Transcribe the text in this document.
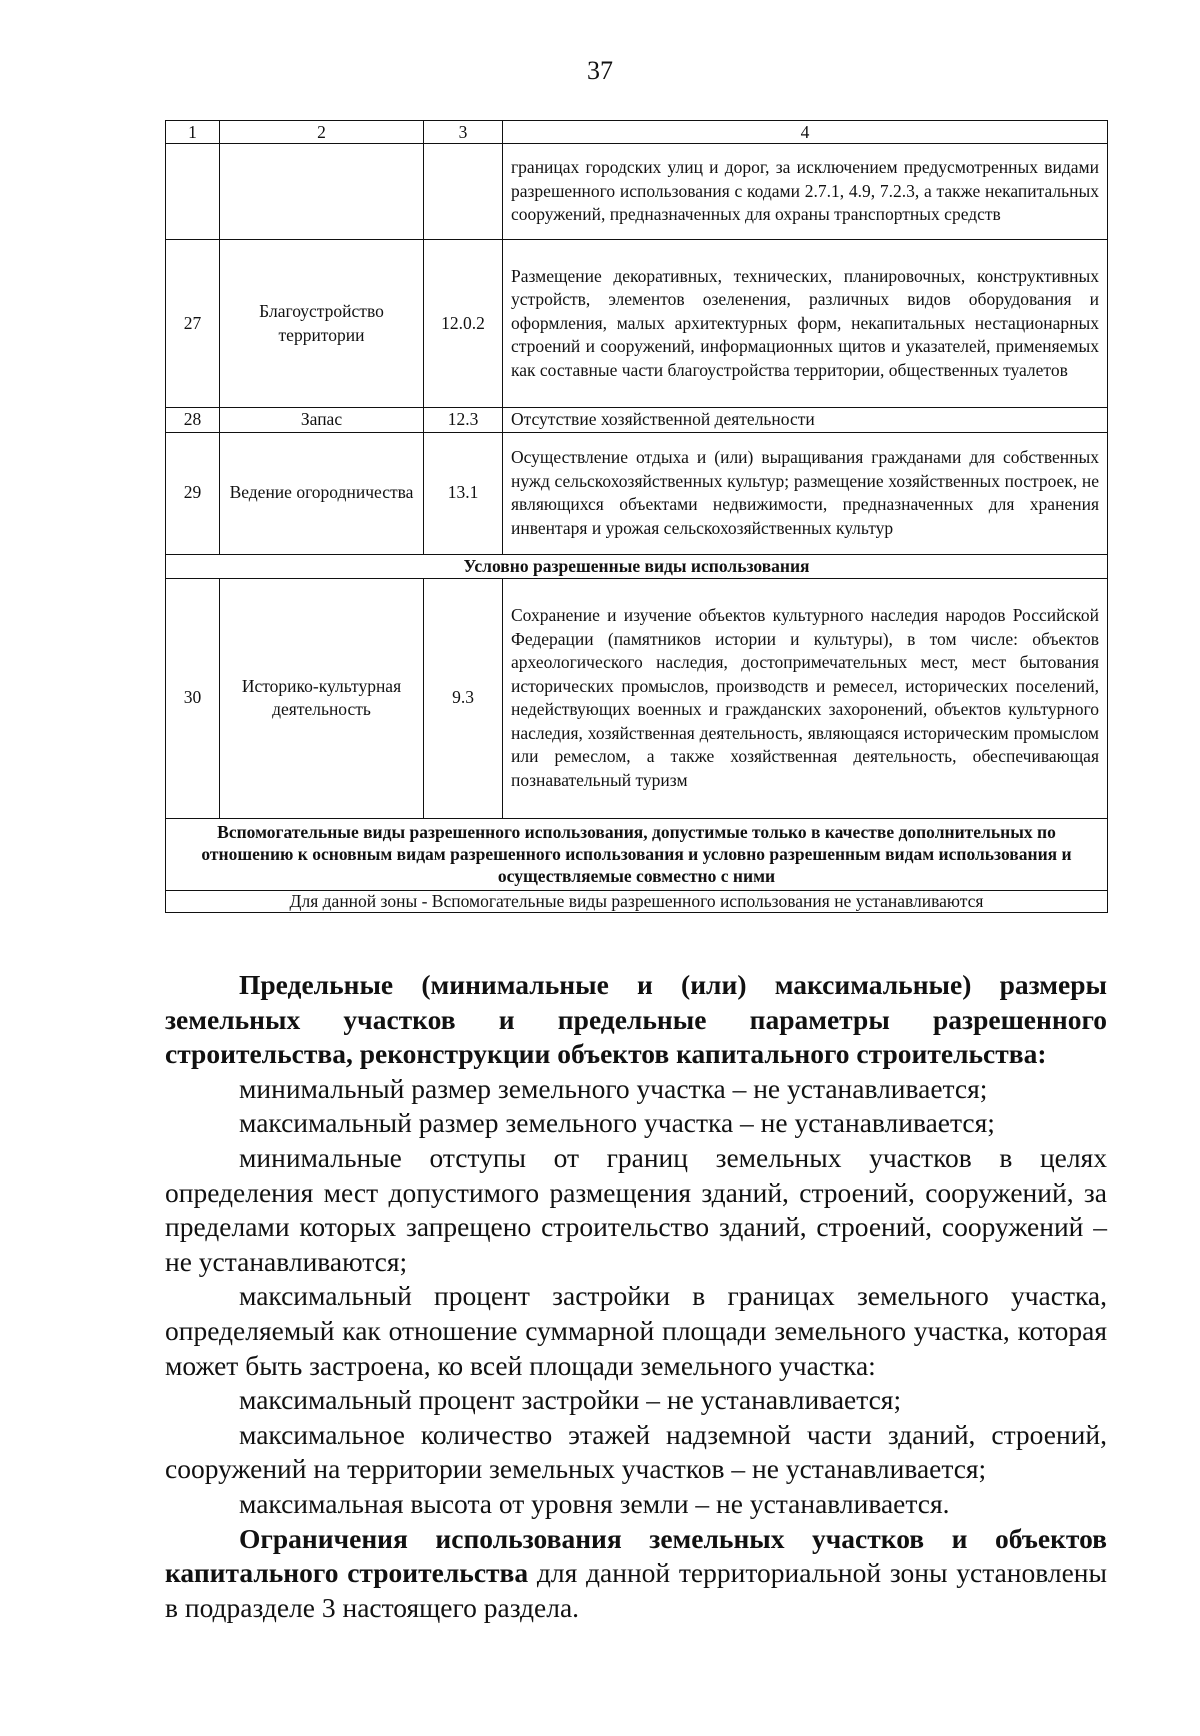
37
1	2	3	4
			границах городских улиц и дорог, за исключением предусмотренных видами разрешенного использования с кодами 2.7.1, 4.9, 7.2.3, а также некапитальных сооружений, предназначенных для охраны транспортных средств
27	Благоустройство территории	12.0.2	Размещение декоративных, технических, планировочных, конструктивных устройств, элементов озеленения, различных видов оборудования и оформления, малых архитектурных форм, некапитальных нестационарных строений и сооружений, информационных щитов и указателей, применяемых как составные части благоустройства территории, общественных туалетов
28	Запас	12.3	Отсутствие хозяйственной деятельности
29	Ведение огородничества	13.1	Осуществление отдыха и (или) выращивания гражданами для собственных нужд сельскохозяйственных культур; размещение хозяйственных построек, не являющихся объектами недвижимости, предназначенных для хранения инвентаря и урожая сельскохозяйственных культур
Условно разрешенные виды использования			
30	Историко-культурная деятельность	9.3	Сохранение и изучение объектов культурного наследия народов Российской Федерации (памятников истории и культуры), в том числе: объектов археологического наследия, достопримечательных мест, мест бытования исторических промыслов, производств и ремесел, исторических поселений, недействующих военных и гражданских захоронений, объектов культурного наследия, хозяйственная деятельность, являющаяся историческим промыслом или ремеслом, а также хозяйственная деятельность, обеспечивающая познавательный туризм
Вспомогательные виды разрешенного использования, допустимые только в качестве дополнительных по отношению к основным видам разрешенного использования и условно разрешенным видам использования и осуществляемые совместно с ними			
Для данной зоны - Вспомогательные виды разрешенного использования не устанавливаются			

Предельные (минимальные и (или) максимальные) размеры земельных участков и предельные параметры разрешенного строительства, реконструкции объектов капитального строительства:

минимальный размер земельного участка – не устанавливается;

максимальный размер земельного участка – не устанавливается;

минимальные отступы от границ земельных участков в целях определения мест допустимого размещения зданий, строений, сооружений, за пределами которых запрещено строительство зданий, строений, сооружений – не устанавливаются;

максимальный процент застройки в границах земельного участка, определяемый как отношение суммарной площади земельного участка, которая может быть застроена, ко всей площади земельного участка:

максимальный процент застройки – не устанавливается;

максимальное количество этажей надземной части зданий, строений, сооружений на территории земельных участков – не устанавливается;

максимальная высота от уровня земли – не устанавливается.

Ограничения использования земельных участков и объектов капитального строительства для данной территориальной зоны установлены в подразделе 3 настоящего раздела.
